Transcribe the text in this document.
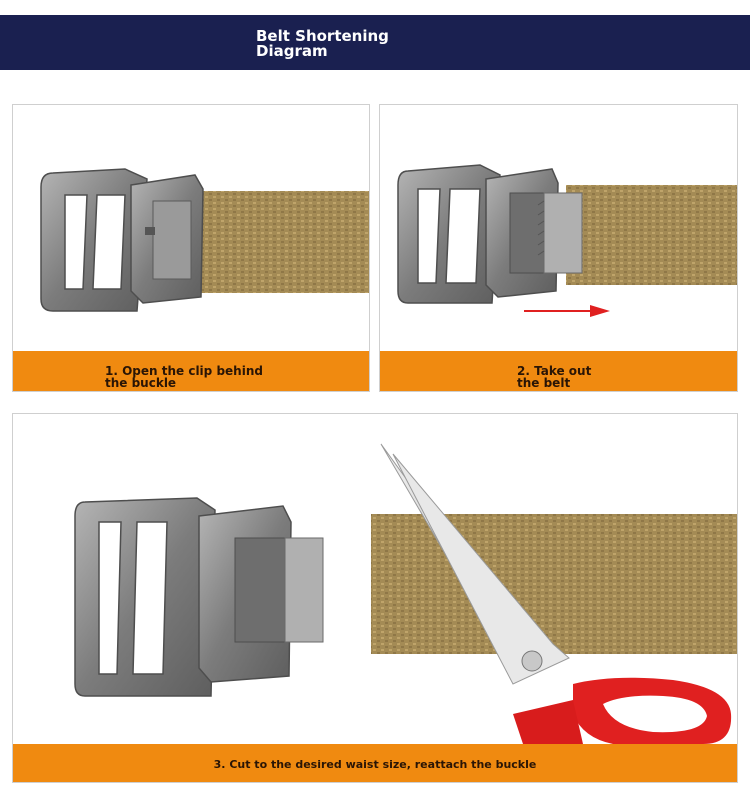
Belt Shortening
Diagram
1. Open the clip behind
the buckle
2. Take out
the belt
3. Cut to the desired waist size, reattach the buckle
